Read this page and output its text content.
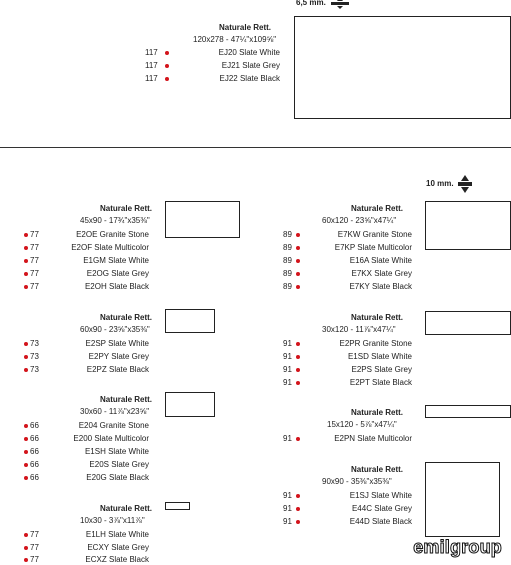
6,5 mm.
Naturale Rett.
120x278 - 47¼"x109⅝"
EJ20 Slate White
EJ21 Slate Grey
EJ22 Slate Black
117
117
117
10 mm.
Naturale Rett.
45x90 - 17¾"x35⅜"
E2OE Granite Stone
E2OF Slate Multicolor
E1GM Slate White
E2OG Slate Grey
E2OH Slate Black
77
77
77
77
77
Naturale Rett.
60x90 - 23⅝"x35⅜"
E2SP Slate White
E2PY Slate Grey
E2PZ Slate Black
73
73
73
Naturale Rett.
30x60 - 11⅞"x23⅝"
E204 Granite Stone
E200 Slate Multicolor
E1SH Slate White
E20S Slate Grey
E20G Slate Black
66
66
66
66
66
Naturale Rett.
10x30 - 3⅞"x11⅞"
E1LH Slate White
ECXY Slate Grey
ECXZ Slate Black
77
77
77
Naturale Rett.
60x120 - 23⅝"x47¼"
E7KW Granite Stone
E7KP Slate Multicolor
E16A Slate White
E7KX Slate Grey
E7KY Slate Black
89
89
89
89
89
Naturale Rett.
30x120 - 11⅞"x47¼"
E2PR Granite Stone
E1SD Slate White
E2PS Slate Grey
E2PT Slate Black
91
91
91
91
Naturale Rett.
15x120 - 5⅞"x47¼"
E2PN Slate Multicolor
91
Naturale Rett.
90x90 - 35⅜"x35⅜"
E1SJ Slate White
E44C Slate Grey
E44D Slate Black
91
91
91
emilgroup
